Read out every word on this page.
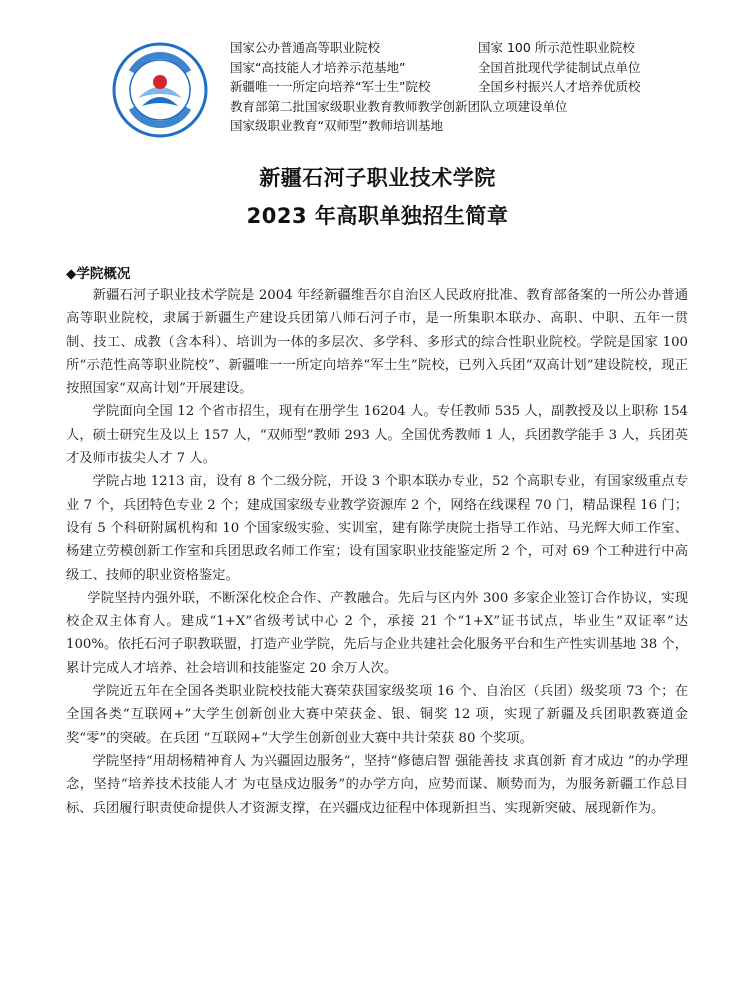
国家公办普通高等职业院校	国家 100 所示范性职业院校
国家“高技能人才培养示范基地”	全国首批现代学徒制试点单位
新疆唯一一所定向培养“军士生”院校	全国乡村振兴人才培养优质校
教育部第二批国家级职业教育教师教学创新团队立项建设单位
国家级职业教育“双师型”教师培训基地
新疆石河子职业技术学院
2023 年高职单独招生简章
◆学院概况

新疆石河子职业技术学院是 2004 年经新疆维吾尔自治区人民政府批准、教育部备案的一所公办普通高等职业院校，隶属于新疆生产建设兵团第八师石河子市，是一所集职本联办、高职、中职、五年一贯制、技工、成教（含本科）、培训为一体的多层次、多学科、多形式的综合性职业院校。学院是国家 100 所“示范性高等职业院校”、新疆唯一一所定向培养“军士生”院校，已列入兵团“双高计划”建设院校，现正按照国家“双高计划”开展建设。

学院面向全国 12 个省市招生，现有在册学生 16204 人。专任教师 535 人，副教授及以上职称 154 人，硕士研究生及以上 157 人，“双师型”教师 293 人。全国优秀教师 1 人，兵团教学能手 3 人，兵团英才及师市拔尖人才 7 人。

学院占地 1213 亩，设有 8 个二级分院，开设 3 个职本联办专业，52 个高职专业，有国家级重点专业 7 个，兵团特色专业 2 个；建成国家级专业教学资源库 2 个，网络在线课程 70 门，精品课程 16 门；设有 5 个科研附属机构和 10 个国家级实验、实训室，建有陈学庚院士指导工作站、马光辉大师工作室、杨建立劳模创新工作室和兵团思政名师工作室；设有国家职业技能鉴定所 2 个，可对 69 个工种进行中高级工、技师的职业资格鉴定。

学院坚持内强外联，不断深化校企合作、产教融合。先后与区内外 300 多家企业签订合作协议，实现校企双主体育人。建成“1+X”省级考试中心 2 个，承接 21 个“1+X”证书试点，毕业生“双证率”达 100%。依托石河子职教联盟，打造产业学院，先后与企业共建社会化服务平台和生产性实训基地 38 个，累计完成人才培养、社会培训和技能鉴定 20 余万人次。

学院近五年在全国各类职业院校技能大赛荣获国家级奖项 16 个、自治区（兵团）级奖项 73 个；在全国各类“互联网+”大学生创新创业大赛中荣获金、银、铜奖 12 项，实现了新疆及兵团职教赛道金奖“零”的突破。在兵团 “互联网+”大学生创新创业大赛中共计荣获 80 个奖项。

学院坚持“用胡杨精神育人 为兴疆固边服务”，坚持“修德启智 强能善技 求真创新 育才成边 ”的办学理念，坚持“培养技术技能人才 为屯垦戍边服务”的办学方向，应势而谋、顺势而为，为服务新疆工作总目标、兵团履行职责使命提供人才资源支撑，在兴疆戍边征程中体现新担当、实现新突破、展现新作为。
